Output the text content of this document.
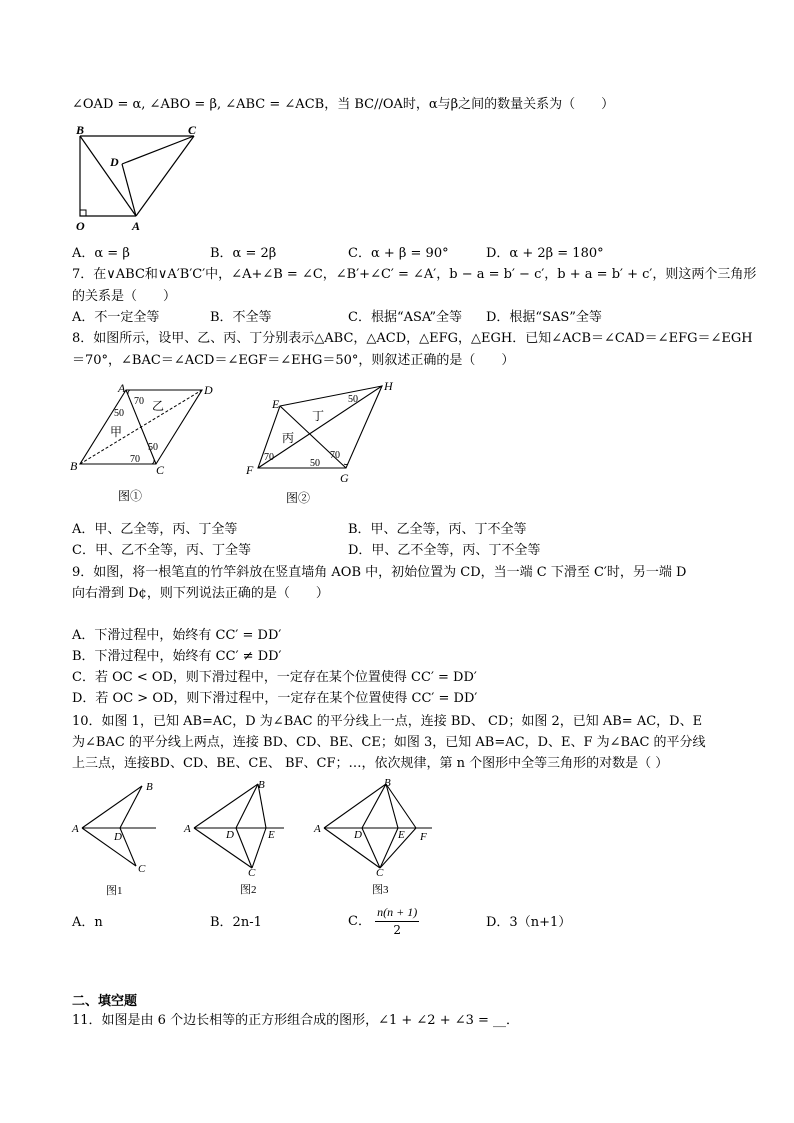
∠OAD = α, ∠ABO = β, ∠ABC = ∠ACB，当 BC//OA时，α与β之间的数量关系为（　　）
B	C
D
O	A
A．α = β	B．α = 2β	C．α + β = 90°	D．α + 2β = 180°
7．在∨ABC和∨A′B′C′中，∠A+∠B = ∠C，∠B′+∠C′ = ∠A′，b − a = b′ − c′，b + a = b′ + c′，则这两个三角形
的关系是（　　）
A．不一定全等	B．不全等	C．根据“ASA”全等 D．根据“SAS”全等
8．如图所示，设甲、乙、丙、丁分别表示△ABC，△ACD，△EFG，△EGH．已知∠ACB＝∠CAD＝∠EFG＝∠EGH
＝70°，∠BAC＝∠ACD＝∠EGF＝∠EHG＝50°，则叙述正确的是（　　）
A	D
B	C
70
50
50
70
乙
甲
图①
E
H
F
G
50
70
50
70
丁
丙
图②
A．甲、乙全等，丙、丁全等	B．甲、乙全等，丙、丁不全等
C．甲、乙不全等，丙、丁全等	D．甲、乙不全等，丙、丁不全等
9．如图，将一根笔直的竹竿斜放在竖直墙角 AOB 中，初始位置为 CD，当一端 C 下滑至 C′时，另一端 D
向右滑到 D¢，则下列说法正确的是（　　）
A．下滑过程中，始终有 CC′ = DD′
B．下滑过程中，始终有 CC′ ≠ DD′
C．若 OC < OD，则下滑过程中，一定存在某个位置使得 CC′ = DD′
D．若 OC > OD，则下滑过程中，一定存在某个位置使得 CC′ = DD′
10．如图 1，已知 AB=AC，D 为∠BAC 的平分线上一点，连接 BD、 CD；如图 2，已知 AB= AC，D、E
为∠BAC 的平分线上两点，连接 BD、CD、BE、CE；如图 3，已知 AB=AC，D、E、F 为∠BAC 的平分线
上三点，连接BD、CD、BE、CE、 BF、CF；…，依次规律，第 n 个图形中全等三角形的对数是（ ）
A
B
D
C
图1
A
B
D	E
C
图2
A
B
D	E F
C
图3
A．n	B．2n-1	C． $\frac{n(n + 1)}{2}$	D．3（n+1）
二、填空题
11．如图是由 6 个边长相等的正方形组合成的图形，∠1 + ∠2 + ∠3 = __．
